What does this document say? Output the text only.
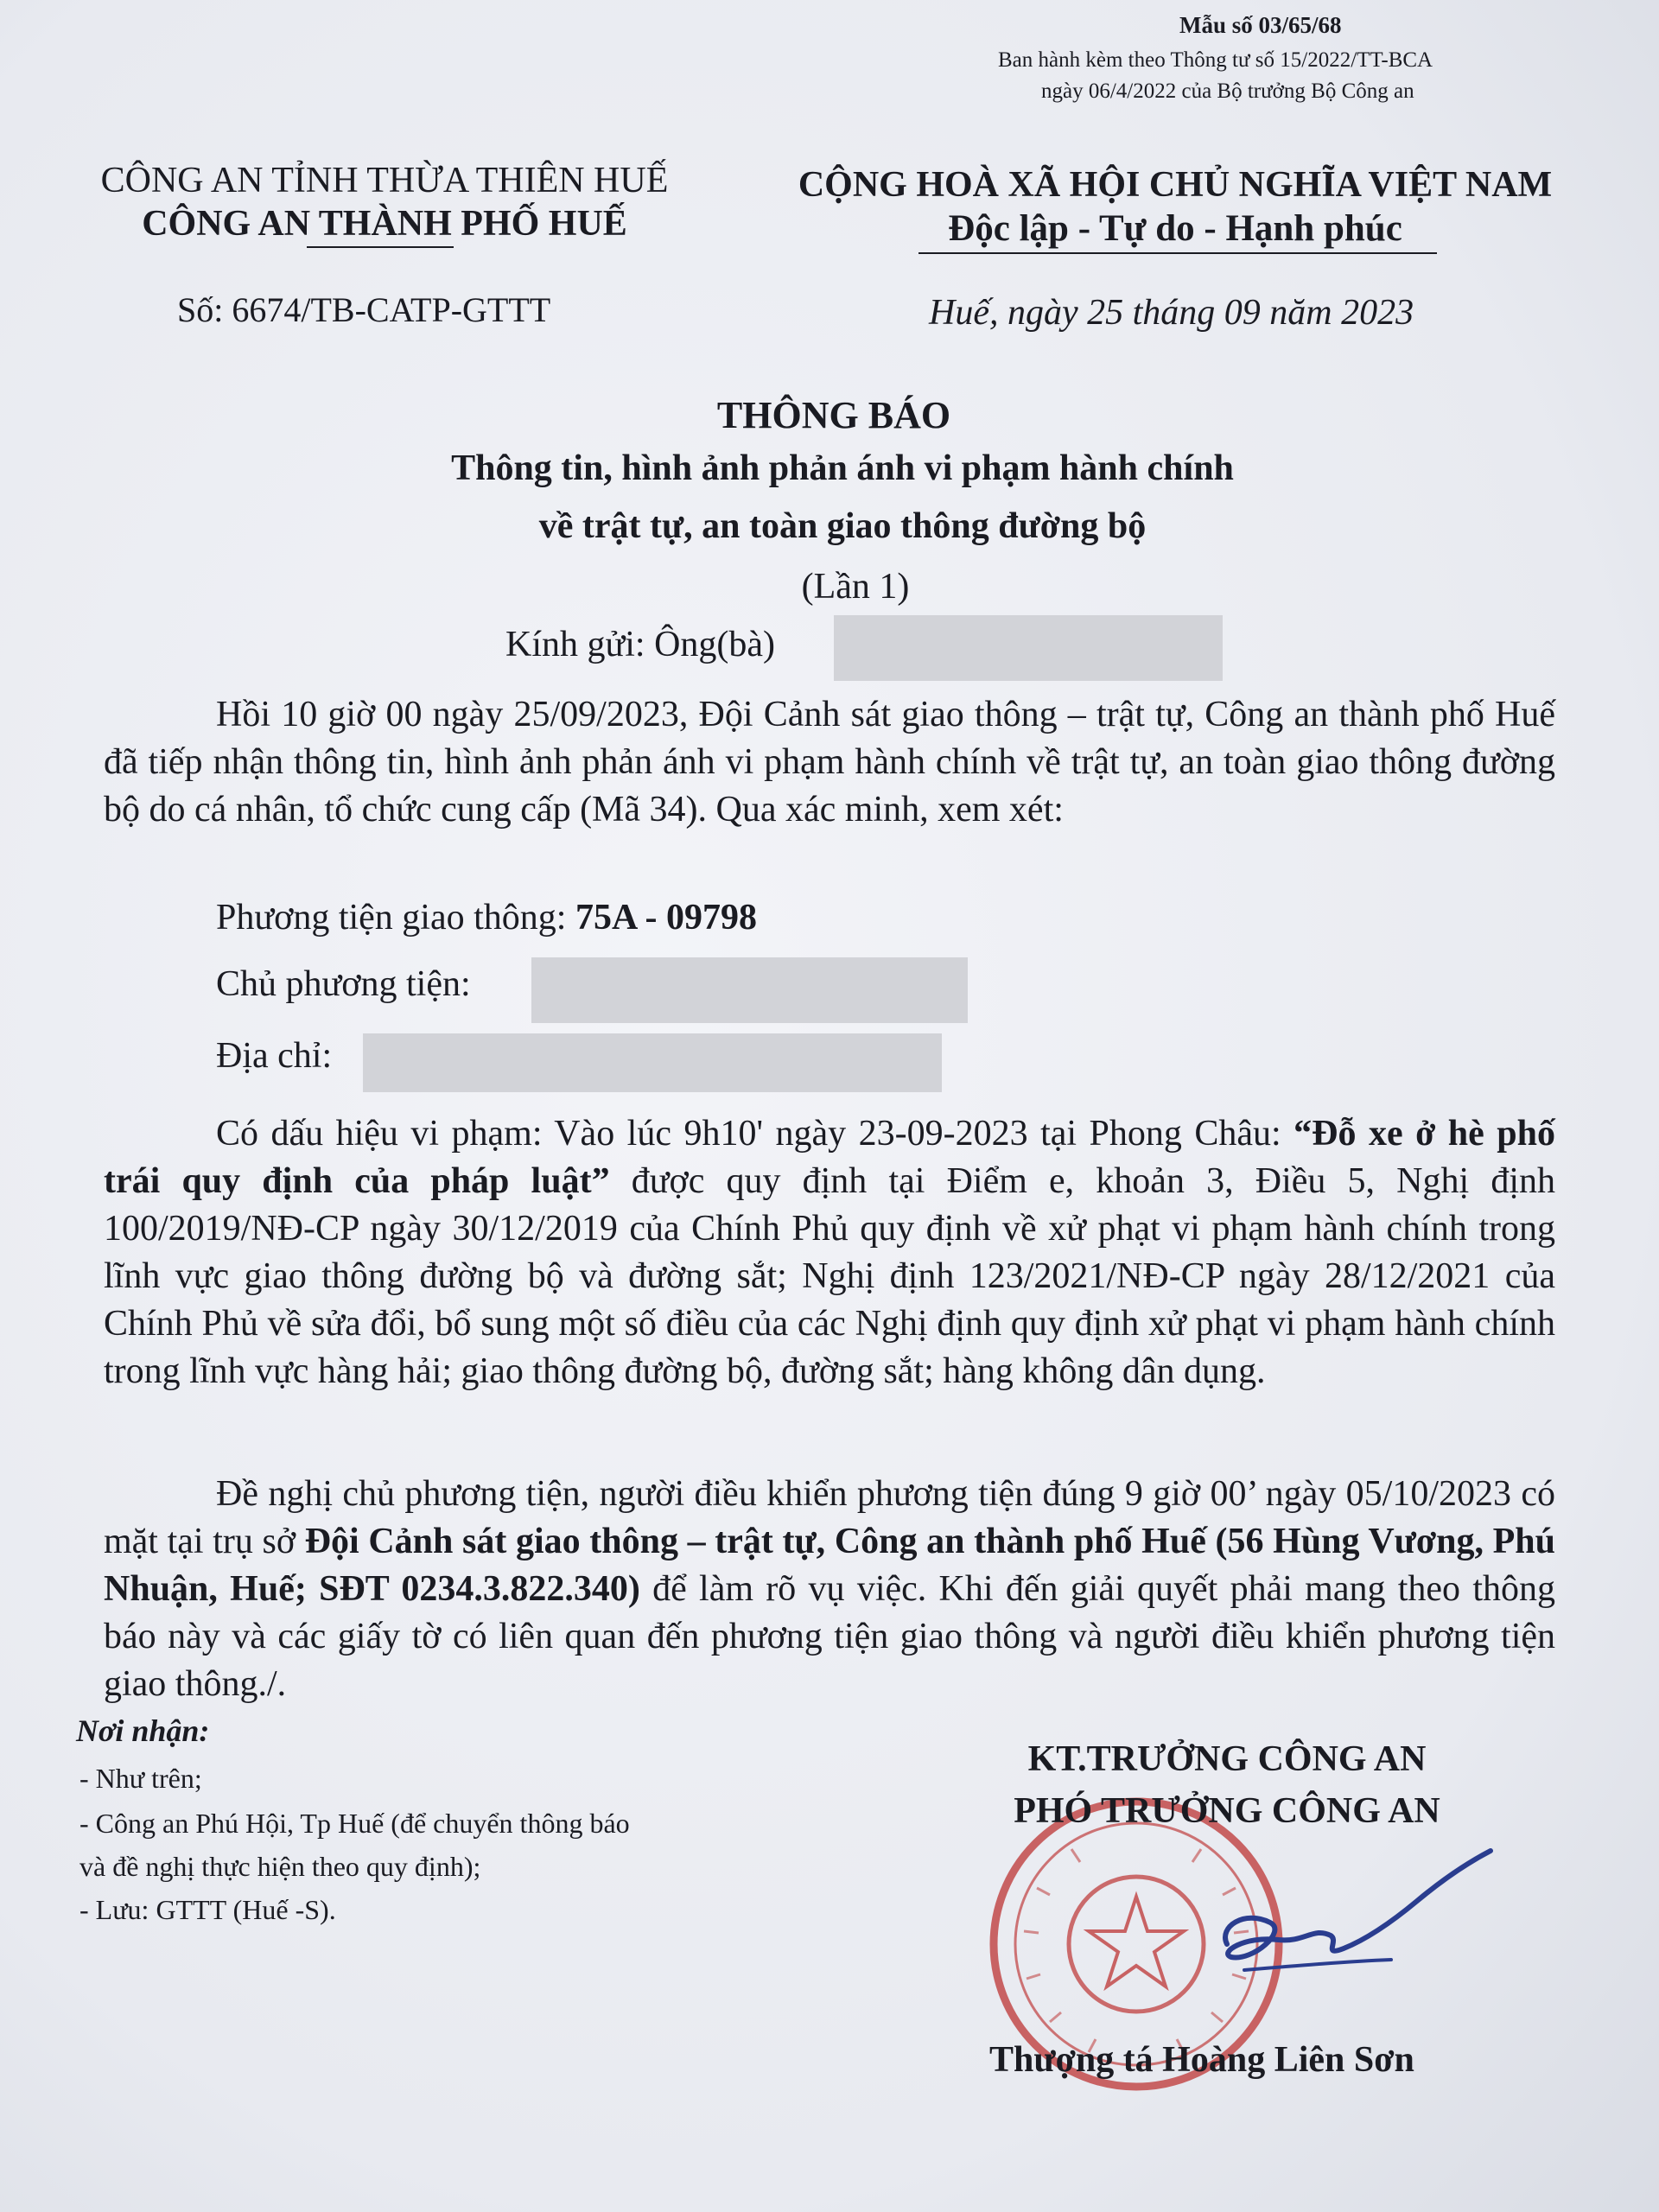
Mẫu số 03/65/68
Ban hành kèm theo Thông tư số 15/2022/TT-BCA
ngày 06/4/2022 của Bộ trưởng Bộ Công an
CÔNG AN TỈNH THỪA THIÊN HUẾ
CÔNG AN THÀNH PHỐ HUẾ
Số: 6674/TB-CATP-GTTT
CỘNG HOÀ XÃ HỘI CHỦ NGHĨA VIỆT NAM
Độc lập - Tự do - Hạnh phúc
Huế, ngày 25 tháng 09 năm 2023
THÔNG BÁO
Thông tin, hình ảnh phản ánh vi phạm hành chính
về trật tự, an toàn giao thông đường bộ
(Lần 1)
Kính gửi: Ông(bà)
Hồi 10 giờ 00 ngày 25/09/2023, Đội Cảnh sát giao thông – trật tự, Công an thành phố Huế đã tiếp nhận thông tin, hình ảnh phản ánh vi phạm hành chính về trật tự, an toàn giao thông đường bộ do cá nhân, tổ chức cung cấp (Mã 34). Qua xác minh, xem xét:
Phương tiện giao thông: 75A - 09798
Chủ phương tiện:
Địa chỉ:
Có dấu hiệu vi phạm: Vào lúc 9h10' ngày 23-09-2023 tại Phong Châu: “Đỗ xe ở hè phố trái quy định của pháp luật” được quy định tại Điểm e, khoản 3, Điều 5, Nghị định 100/2019/NĐ-CP ngày 30/12/2019 của Chính Phủ quy định về xử phạt vi phạm hành chính trong lĩnh vực giao thông đường bộ và đường sắt; Nghị định 123/2021/NĐ-CP ngày 28/12/2021 của Chính Phủ về sửa đổi, bổ sung một số điều của các Nghị định quy định xử phạt vi phạm hành chính trong lĩnh vực hàng hải; giao thông đường bộ, đường sắt; hàng không dân dụng.
Đề nghị chủ phương tiện, người điều khiển phương tiện đúng 9 giờ 00’ ngày 05/10/2023 có mặt tại trụ sở Đội Cảnh sát giao thông – trật tự, Công an thành phố Huế (56 Hùng Vương, Phú Nhuận, Huế; SĐT 0234.3.822.340) để làm rõ vụ việc. Khi đến giải quyết phải mang theo thông báo này và các giấy tờ có liên quan đến phương tiện giao thông và người điều khiển phương tiện giao thông./.
Nơi nhận:
- Như trên;
- Công an Phú Hội, Tp Huế (để chuyển thông báo
và đề nghị thực hiện theo quy định);
- Lưu: GTTT (Huế -S).
KT.TRƯỞNG CÔNG AN
PHÓ TRƯỞNG CÔNG AN
Thượng tá Hoàng Liên Sơn
